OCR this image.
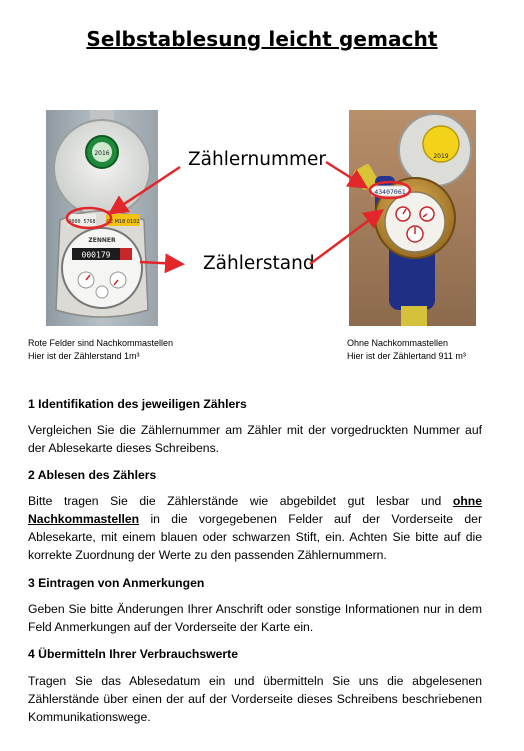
Selbstablesung leicht gemacht
2016
9000 5768 CE M18 0102
ZENNER
000179
2019
43407061
Zählernummer
Zählerstand
Rote Felder sind Nachkommastellen
Hier ist der Zählerstand 1m³
Ohne Nachkommastellen
Hier ist der Zählertand 911 m³
1 Identifikation des jeweiligen Zählers
Vergleichen Sie die Zählernummer am Zähler mit der vorgedruckten Nummer auf der Ablesekarte dieses Schreibens.
2 Ablesen des Zählers
Bitte tragen Sie die Zählerstände wie abgebildet gut lesbar und ohne Nachkommastellen in die vorgegebenen Felder auf der Vorderseite der Ablesekarte, mit einem blauen oder schwarzen Stift, ein. Achten Sie bitte auf die korrekte Zuordnung der Werte zu den passenden Zählernummern.
3 Eintragen von Anmerkungen
Geben Sie bitte Änderungen Ihrer Anschrift oder sonstige Informationen nur in dem Feld Anmerkungen auf der Vorderseite der Karte ein.
4 Übermitteln Ihrer Verbrauchswerte
Tragen Sie das Ablesedatum ein und übermitteln Sie uns die abgelesenen Zählerstände über einen der auf der Vorderseite dieses Schreibens beschriebenen Kommunikationswege.
